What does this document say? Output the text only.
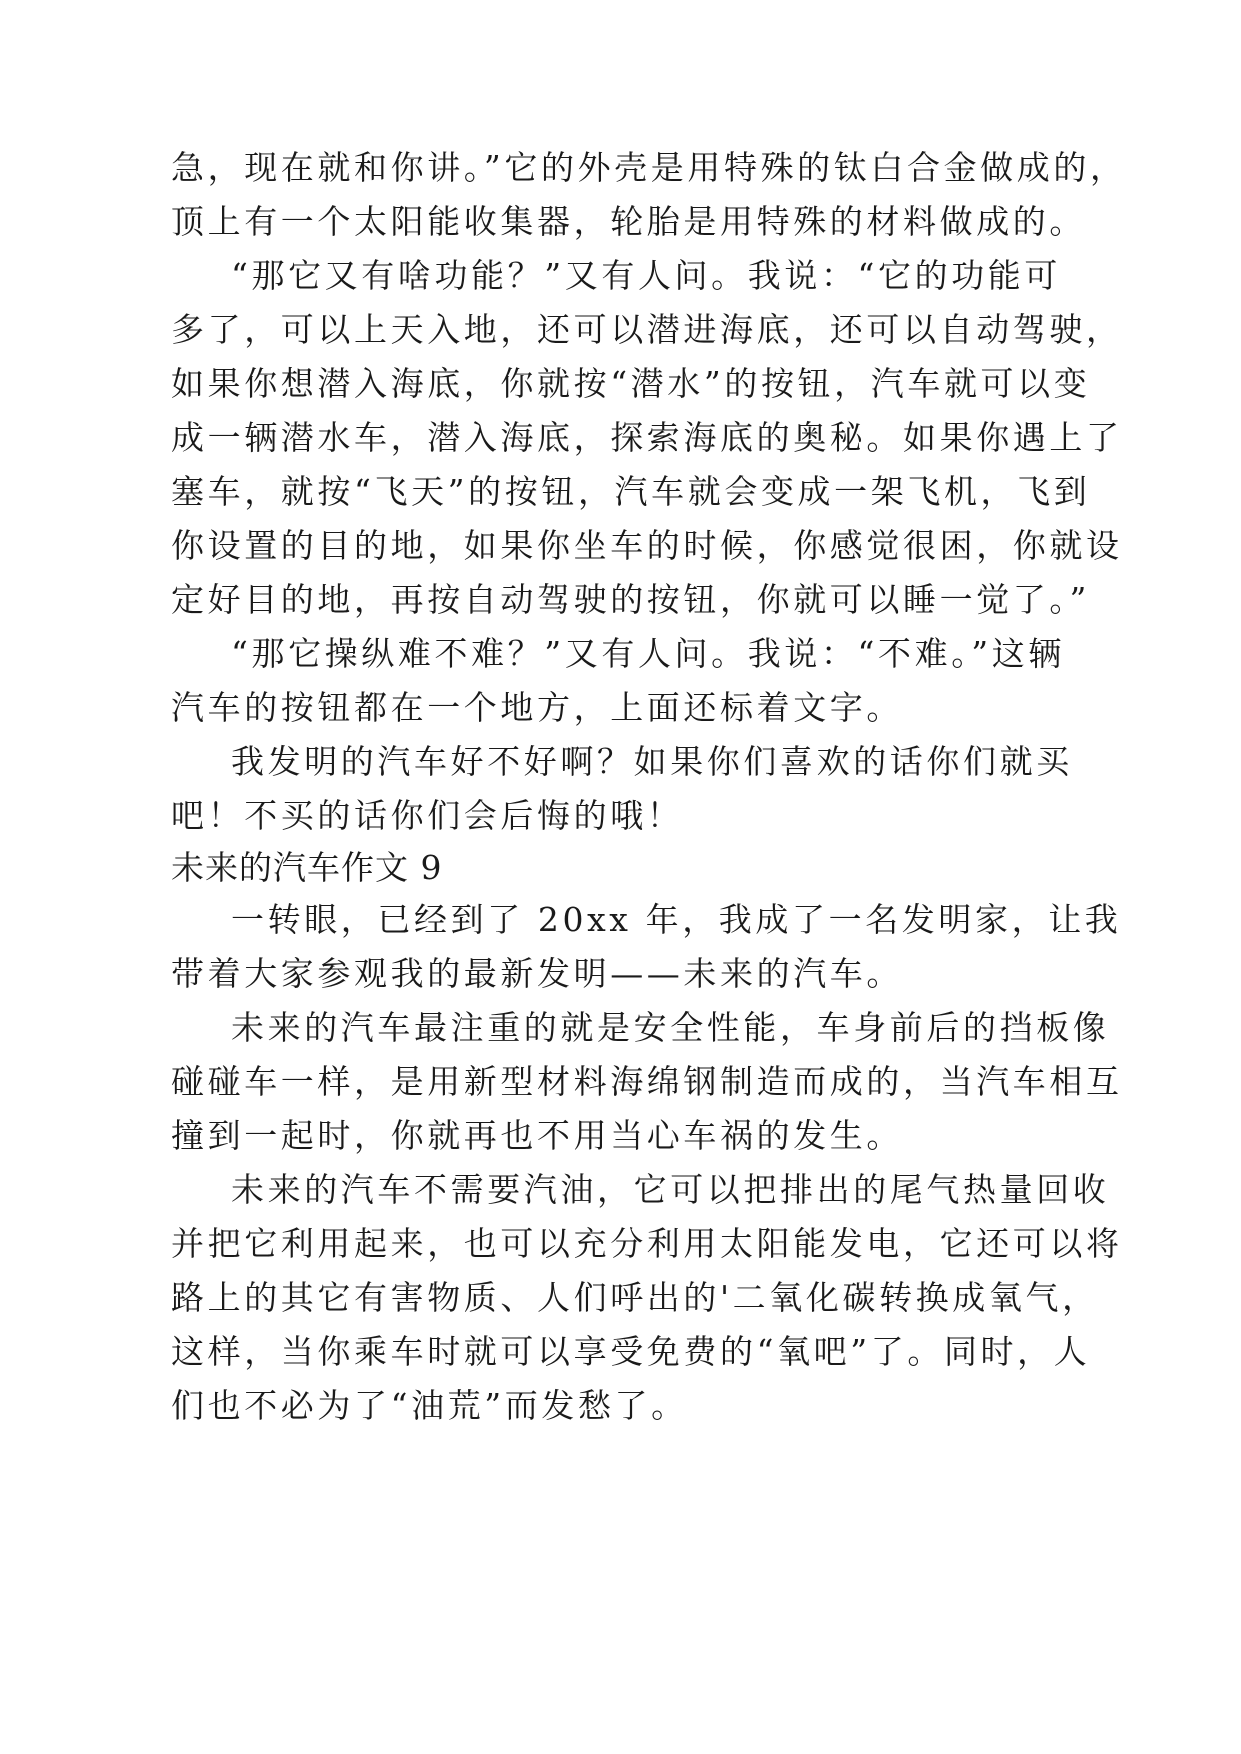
急，现在就和你讲。”它的外壳是用特殊的钛白合金做成的，
顶上有一个太阳能收集器，轮胎是用特殊的材料做成的。
“那它又有啥功能？”又有人问。我说：“它的功能可
多了，可以上天入地，还可以潜进海底，还可以自动驾驶，
如果你想潜入海底，你就按“潜水”的按钮，汽车就可以变
成一辆潜水车，潜入海底，探索海底的奥秘。如果你遇上了
塞车，就按“飞天”的按钮，汽车就会变成一架飞机，飞到
你设置的目的地，如果你坐车的时候，你感觉很困，你就设
定好目的地，再按自动驾驶的按钮，你就可以睡一觉了。”
“那它操纵难不难？”又有人问。我说：“不难。”这辆
汽车的按钮都在一个地方，上面还标着文字。
我发明的汽车好不好啊？如果你们喜欢的话你们就买
吧！不买的话你们会后悔的哦！
未来的汽车作文 9
一转眼，已经到了 20xx 年，我成了一名发明家，让我
带着大家参观我的最新发明——未来的汽车。
未来的汽车最注重的就是安全性能，车身前后的挡板像
碰碰车一样，是用新型材料海绵钢制造而成的，当汽车相互
撞到一起时，你就再也不用当心车祸的发生。
未来的汽车不需要汽油，它可以把排出的尾气热量回收
并把它利用起来，也可以充分利用太阳能发电，它还可以将
路上的其它有害物质、人们呼出的'二氧化碳转换成氧气，
这样，当你乘车时就可以享受免费的“氧吧”了。同时，人
们也不必为了“油荒”而发愁了。
